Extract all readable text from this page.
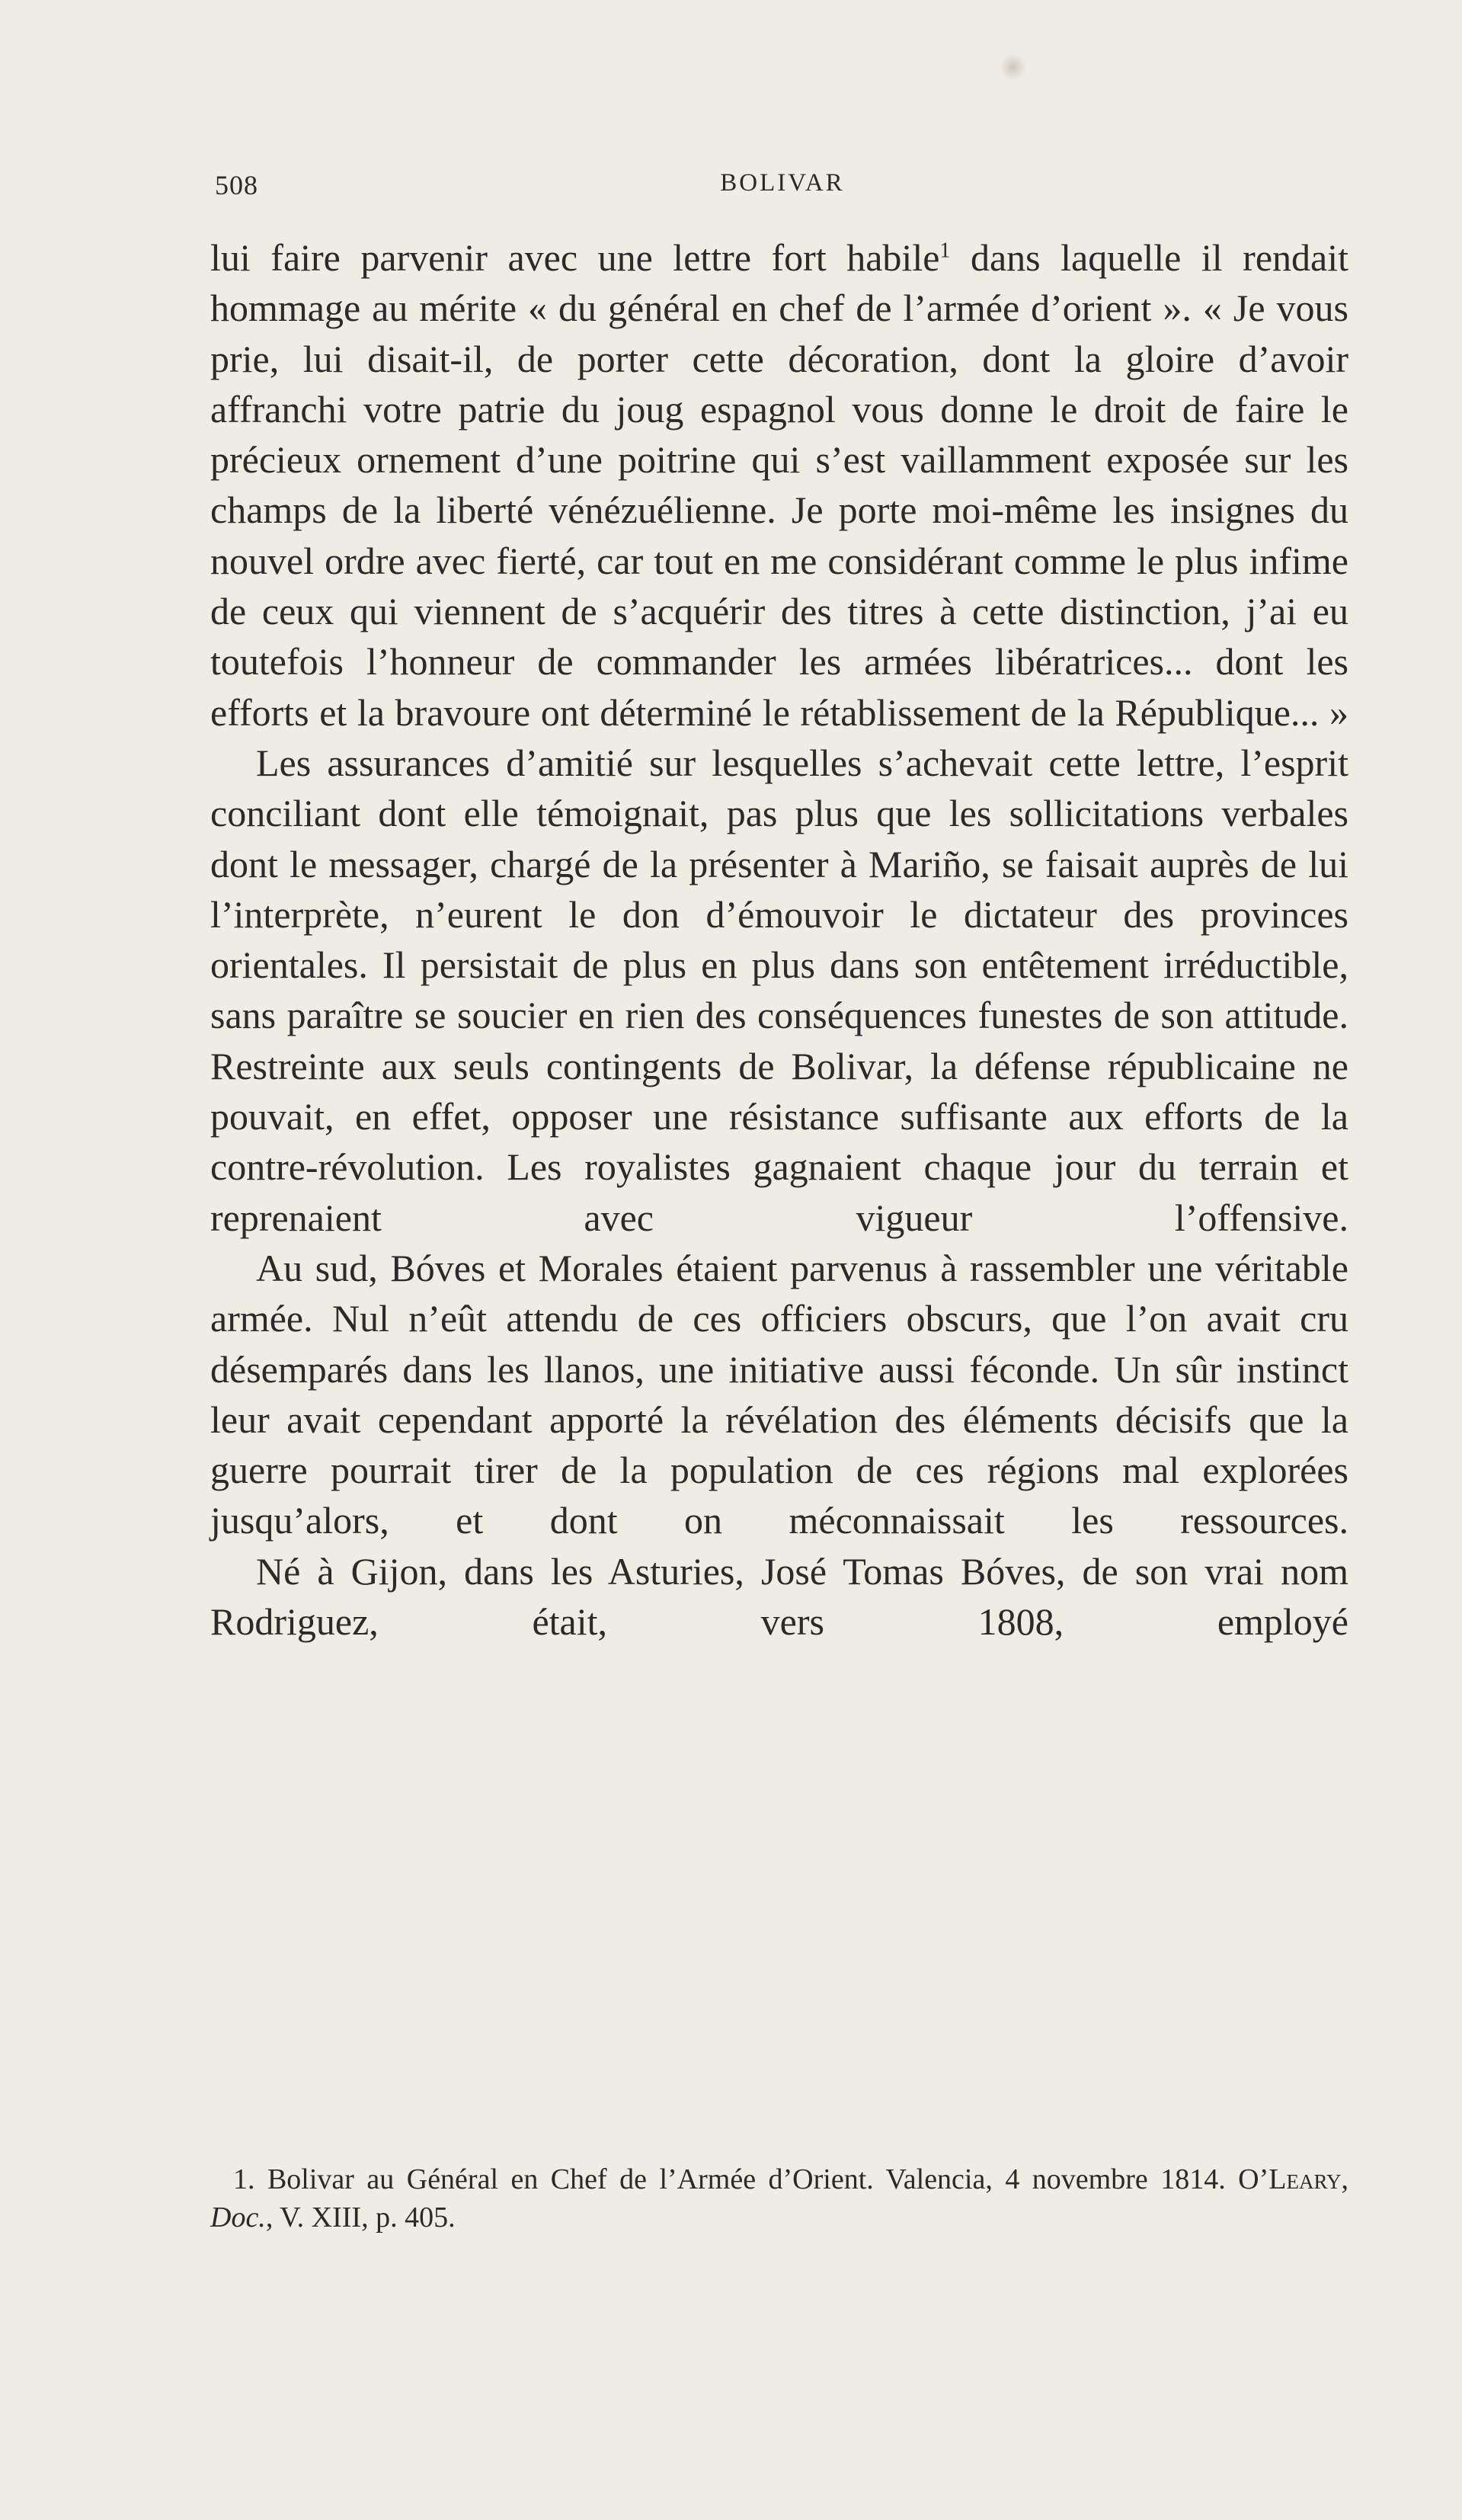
508	BOLIVAR

lui faire parvenir avec une lettre fort habile$^1$ dans laquelle il rendait hommage au mérite « du général en chef de l’armée d’orient ». « Je vous prie, lui disait-il, de porter cette décoration, dont la gloire d’avoir affranchi votre patrie du joug espagnol vous donne le droit de faire le précieux ornement d’une poitrine qui s’est vaillamment exposée sur les champs de la liberté vénézuélienne. Je porte moi-même les insignes du nouvel ordre avec fierté, car tout en me considérant comme le plus infime de ceux qui viennent de s’acquérir des titres à cette distinction, j’ai eu toutefois l’honneur de commander les armées libératrices... dont les efforts et la bravoure ont déterminé le rétablissement de la République... »

Les assurances d’amitié sur lesquelles s’achevait cette lettre, l’esprit conciliant dont elle témoignait, pas plus que les sollicitations verbales dont le messager, chargé de la présenter à Mariño, se faisait auprès de lui l’interprète, n’eurent le don d’émouvoir le dictateur des provinces orientales. Il persistait de plus en plus dans son entêtement irréductible, sans paraître se soucier en rien des conséquences funestes de son attitude. Restreinte aux seuls contingents de Bolivar, la défense républicaine ne pouvait, en effet, opposer une résistance suffisante aux efforts de la contre-révolution. Les royalistes gagnaient chaque jour du terrain et reprenaient avec vigueur l’offensive.

Au sud, Bóves et Morales étaient parvenus à rassembler une véritable armée. Nul n’eût attendu de ces officiers obscurs, que l’on avait cru désemparés dans les llanos, une initiative aussi féconde. Un sûr instinct leur avait cependant apporté la révélation des éléments décisifs que la guerre pourrait tirer de la population de ces régions mal explorées jusqu’alors, et dont on méconnaissait les ressources.

Né à Gijon, dans les Asturies, José Tomas Bóves, de son vrai nom Rodriguez, était, vers 1808, employé

1. Bolivar au Général en Chef de l’Armée d’Orient. Valencia, 4 novembre 1814. O’Leary, Doc., V. XIII, p. 405.
